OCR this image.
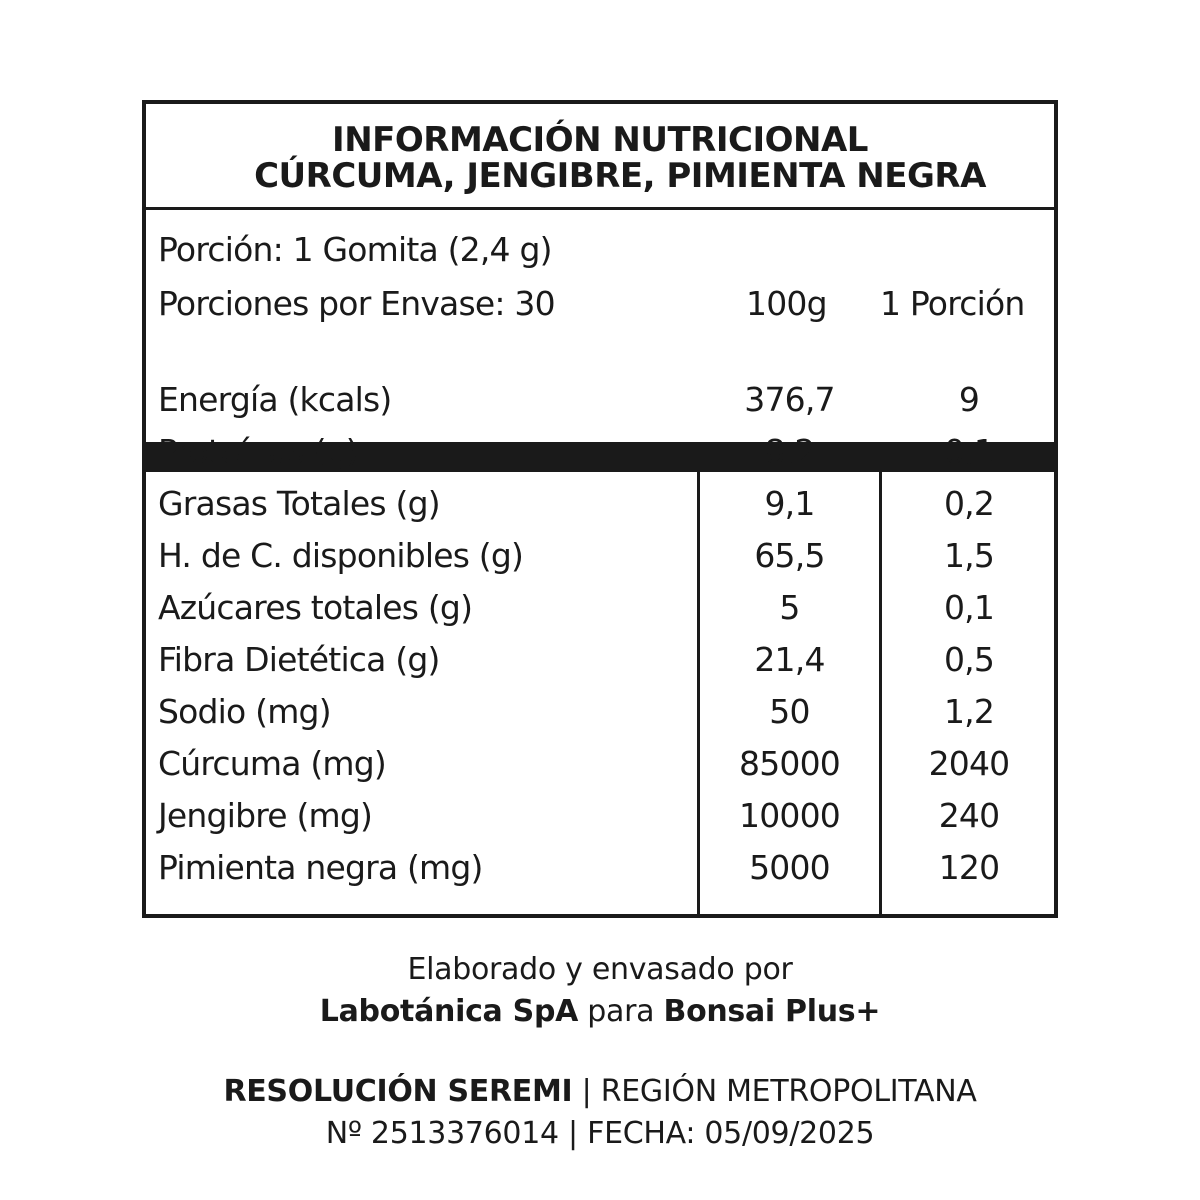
INFORMACIÓN NUTRICIONAL
CÚRCUMA, JENGIBRE, PIMIENTA NEGRA
Porción: 1 Gomita (2,4 g)
Porciones por Envase: 30	100g 1 Porción
Energía (kcals)	376,7	9
Proteínas (g)	8,2	0,1
Grasas Totales (g)	9,1	0,2
H. de C. disponibles (g)	65,5	1,5
Azúcares totales (g)	5	0,1
Fibra Dietética (g)	21,4	0,5
Sodio (mg)	50	1,2
Cúrcuma (mg)	85000	2040
Jengibre (mg)	10000	240
Pimienta negra (mg)	5000	120
Elaborado y envasado por
Labotánica SpA para Bonsai Plus+
RESOLUCIÓN SEREMI | REGIÓN METROPOLITANA
Nº 2513376014 | FECHA: 05/09/2025
